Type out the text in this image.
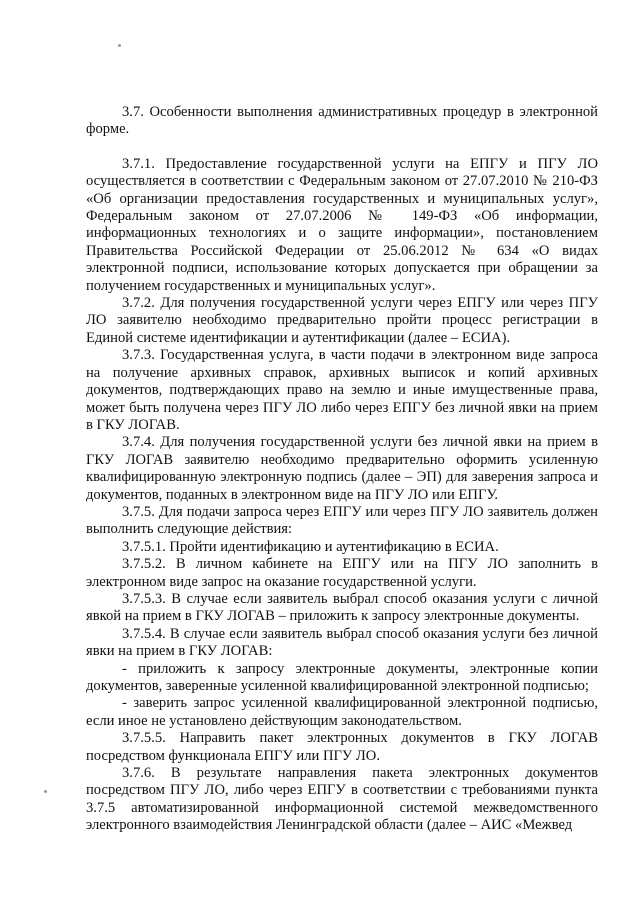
3.7. Особенности выполнения административных процедур в электронной форме.

3.7.1. Предоставление государственной услуги на ЕПГУ и ПГУ ЛО осуществляется в соответствии с Федеральным законом от 27.07.2010 № 210-ФЗ «Об организации предоставления государственных и муниципальных услуг», Федеральным законом от 27.07.2006 № 149-ФЗ «Об информации, информационных технологиях и о защите информации», постановлением Правительства Российской Федерации от 25.06.2012 № 634 «О видах электронной подписи, использование которых допускается при обращении за получением государственных и муниципальных услуг».

3.7.2. Для получения государственной услуги через ЕПГУ или через ПГУ ЛО заявителю необходимо предварительно пройти процесс регистрации в Единой системе идентификации и аутентификации (далее – ЕСИА).

3.7.3. Государственная услуга, в части подачи в электронном виде запроса на получение архивных справок, архивных выписок и копий архивных документов, подтверждающих право на землю и иные имущественные права, может быть получена через ПГУ ЛО либо через ЕПГУ без личной явки на прием в ГКУ ЛОГАВ.

3.7.4. Для получения государственной услуги без личной явки на прием в ГКУ ЛОГАВ заявителю необходимо предварительно оформить усиленную квалифицированную электронную подпись (далее – ЭП) для заверения запроса и документов, поданных в электронном виде на ПГУ ЛО или ЕПГУ.

3.7.5. Для подачи запроса через ЕПГУ или через ПГУ ЛО заявитель должен выполнить следующие действия:

3.7.5.1. Пройти идентификацию и аутентификацию в ЕСИА.

3.7.5.2. В личном кабинете на ЕПГУ или на ПГУ ЛО заполнить в электронном виде запрос на оказание государственной услуги.

3.7.5.3. В случае если заявитель выбрал способ оказания услуги с личной явкой на прием в ГКУ ЛОГАВ – приложить к запросу электронные документы.

3.7.5.4. В случае если заявитель выбрал способ оказания услуги без личной явки на прием в ГКУ ЛОГАВ:

- приложить к запросу электронные документы, электронные копии документов, заверенные усиленной квалифицированной электронной подписью;

- заверить запрос усиленной квалифицированной электронной подписью, если иное не установлено действующим законодательством.

3.7.5.5. Направить пакет электронных документов в ГКУ ЛОГАВ посредством функционала ЕПГУ или ПГУ ЛО.

3.7.6. В результате направления пакета электронных документов посредством ПГУ ЛО, либо через ЕПГУ в соответствии с требованиями пункта 3.7.5 автоматизированной информационной системой межведомственного электронного взаимодействия Ленинградской области (далее – АИС «Межвед
